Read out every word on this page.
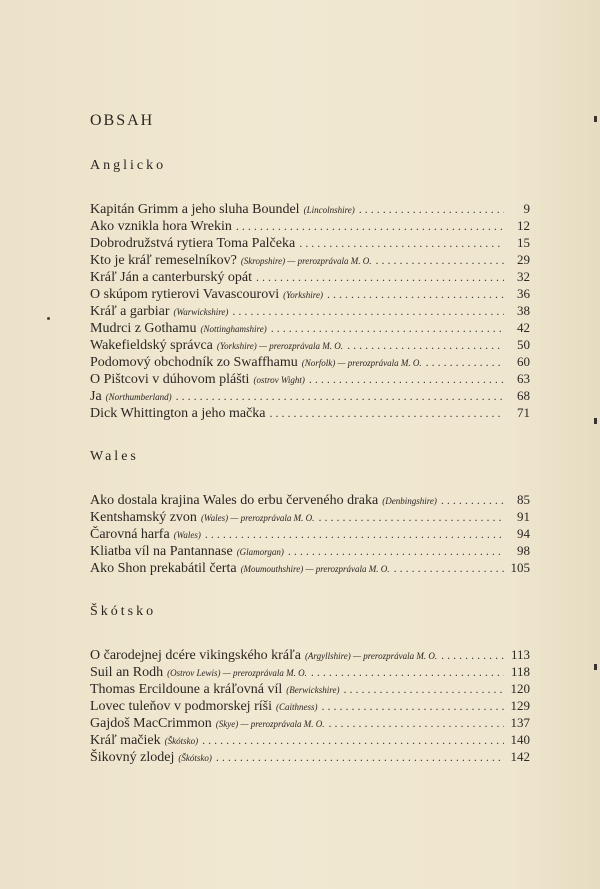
OBSAH
Anglicko
Kapitán Grimm a jeho sluha Boundel (Lincolnshire) . . .	9
Ako vznikla hora Wrekin . . .	12
Dobrodružstvá rytiera Toma Palčeka . . .	15
Kto je kráľ remeselníkov? (Skropshire) — prerozprávala M. O. . . .	29
Kráľ Ján a canterburský opát . . .	32
O skúpom rytierovi Vavascourovi (Yorkshire) . . .	36
Kráľ a garbiar (Warwickshire) . . .	38
Mudrci z Gothamu (Nottinghamshire) . . .	42
Wakefieldský správca (Yorkshire) — prerozprávala M. O. . . .	50
Podomový obchodník zo Swaffhamu (Norfolk) — prerozprávala M. O. . . .	60
O Pištcovi v dúhovom plášti (ostrov Wight) . . .	63
Ja (Northumberland) . . .	68
Dick Whittington a jeho mačka . . .	71
Wales
Ako dostala krajina Wales do erbu červeného draka (Denbingshire) . . .	85
Kentshamský zvon (Wales) — prerozprávala M. O. . . .	91
Čarovná harfa (Wales) . . .	94
Kliatba víl na Pantannase (Glamorgan) . . .	98
Ako Shon prekabátil čerta (Moumouthshire) — prerozprávala M. O. . . .	105
Škótsko
O čarodejnej dcére vikingského kráľa (Argyllshire) — prerozprávala M. O. . . .	113
Suil an Rodh (Ostrov Lewis) — prerozprávala M. O. . . .	118
Thomas Ercildoune a kráľovná víl (Berwickshire) . . .	120
Lovec tuleňov v podmorskej ríši (Caithness) . . .	129
Gajdoš MacCrimmon (Skye) — prerozprávala M. O. . . .	137
Kráľ mačiek (Škótsko) . . .	140
Šikovný zlodej (Škótsko) . . .	142
